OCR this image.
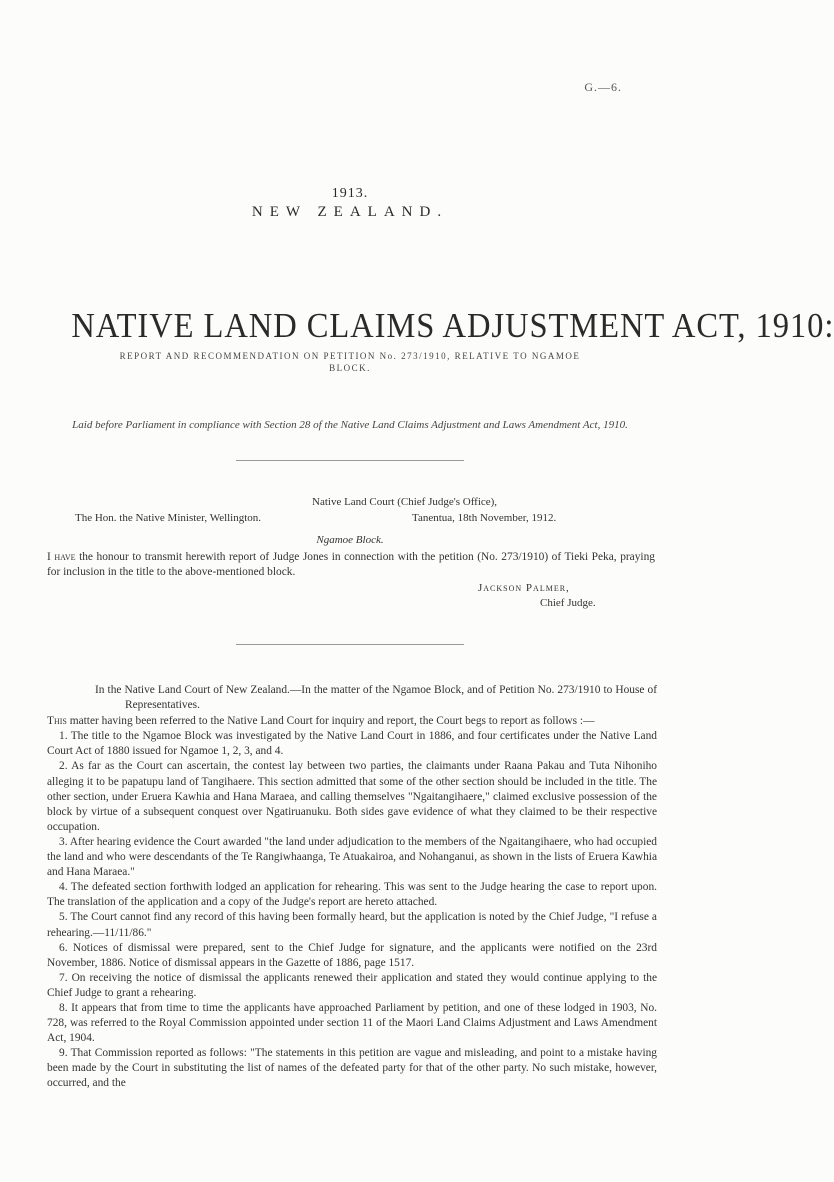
G.—6.
1913.
NEW ZEALAND.
NATIVE LAND CLAIMS ADJUSTMENT ACT, 1910:
REPORT AND RECOMMENDATION ON PETITION No. 273/1910, RELATIVE TO NGAMOE BLOCK.
Laid before Parliament in compliance with Section 28 of the Native Land Claims Adjustment and Laws Amendment Act, 1910.
Native Land Court (Chief Judge's Office),
The Hon. the Native Minister, Wellington.	Tanentua, 18th November, 1912.
Ngamoe Block.
I have the honour to transmit herewith report of Judge Jones in connection with the petition (No. 273/1910) of Tieki Peka, praying for inclusion in the title to the above-mentioned block.
Jackson Palmer,
Chief Judge.

In the Native Land Court of New Zealand.—In the matter of the Ngamoe Block, and of Petition No. 273/1910 to House of Representatives.

This matter having been referred to the Native Land Court for inquiry and report, the Court begs to report as follows :—

1. The title to the Ngamoe Block was investigated by the Native Land Court in 1886, and four certificates under the Native Land Court Act of 1880 issued for Ngamoe 1, 2, 3, and 4.

2. As far as the Court can ascertain, the contest lay between two parties, the claimants under Raana Pakau and Tuta Nihoniho alleging it to be papatupu land of Tangihaere. This section admitted that some of the other section should be included in the title. The other section, under Eruera Kawhia and Hana Maraea, and calling themselves "Ngaitangihaere," claimed exclusive possession of the block by virtue of a subsequent conquest over Ngatiruanuku. Both sides gave evidence of what they claimed to be their respective occupation.

3. After hearing evidence the Court awarded "the land under adjudication to the members of the Ngaitangihaere, who had occupied the land and who were descendants of the Te Rangiwhaanga, Te Atuakairoa, and Nohanganui, as shown in the lists of Eruera Kawhia and Hana Maraea."

4. The defeated section forthwith lodged an application for rehearing. This was sent to the Judge hearing the case to report upon. The translation of the application and a copy of the Judge's report are hereto attached.

5. The Court cannot find any record of this having been formally heard, but the application is noted by the Chief Judge, "I refuse a rehearing.—11/11/86."

6. Notices of dismissal were prepared, sent to the Chief Judge for signature, and the applicants were notified on the 23rd November, 1886. Notice of dismissal appears in the Gazette of 1886, page 1517.

7. On receiving the notice of dismissal the applicants renewed their application and stated they would continue applying to the Chief Judge to grant a rehearing.

8. It appears that from time to time the applicants have approached Parliament by petition, and one of these lodged in 1903, No. 728, was referred to the Royal Commission appointed under section 11 of the Maori Land Claims Adjustment and Laws Amendment Act, 1904.

9. That Commission reported as follows: "The statements in this petition are vague and misleading, and point to a mistake having been made by the Court in substituting the list of names of the defeated party for that of the other party. No such mistake, however, occurred, and the
